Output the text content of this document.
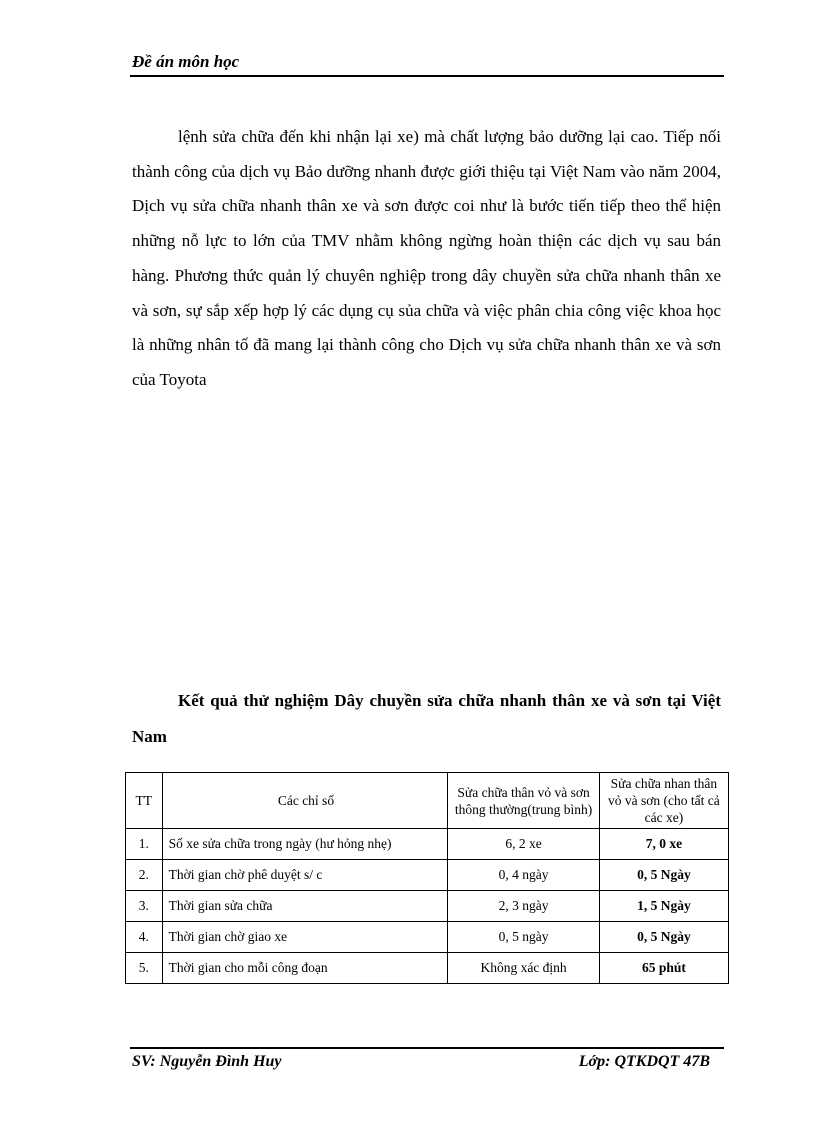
Đề án môn học

lệnh sửa chữa đến khi nhận lại xe) mà chất lượng bảo dưỡng lại cao. Tiếp nối thành công của dịch vụ Bảo dưỡng nhanh được giới thiệu tại Việt Nam vào năm 2004, Dịch vụ sửa chữa nhanh thân xe và sơn được coi như là bước tiến tiếp theo thể hiện những nỗ lực to lớn của TMV nhằm không ngừng hoàn thiện các dịch vụ sau bán hàng. Phương thức quản lý chuyên nghiệp trong dây chuyền sửa chữa nhanh thân xe và sơn, sự sắp xếp hợp lý các dụng cụ sủa chữa và việc phân chia công việc khoa học là những nhân tố đã mang lại thành công cho Dịch vụ sửa chữa nhanh thân xe và sơn của Toyota

Kết quả thử nghiệm Dây chuyền sửa chữa nhanh thân xe và sơn tại Việt Nam

TT	Các chỉ số	Sửa chữa thân vỏ và sơn thông thường(trung bình)	Sửa chữa nhan thân vỏ và sơn (cho tất cả các xe)
1.	Số xe sửa chữa trong ngày (hư hỏng nhẹ)	6, 2 xe	7, 0 xe
2.	Thời gian chờ phê duyệt s/ c	0, 4 ngày	0, 5 Ngày
3.	Thời gian sửa chữa	2, 3 ngày	1, 5 Ngày
4.	Thời gian chờ giao xe	0, 5 ngày	0, 5 Ngày
5.	Thời gian cho mỗi công đoạn	Không xác định	65 phút
SV: Nguyễn Đình Huy	Lớp: QTKDQT 47B
